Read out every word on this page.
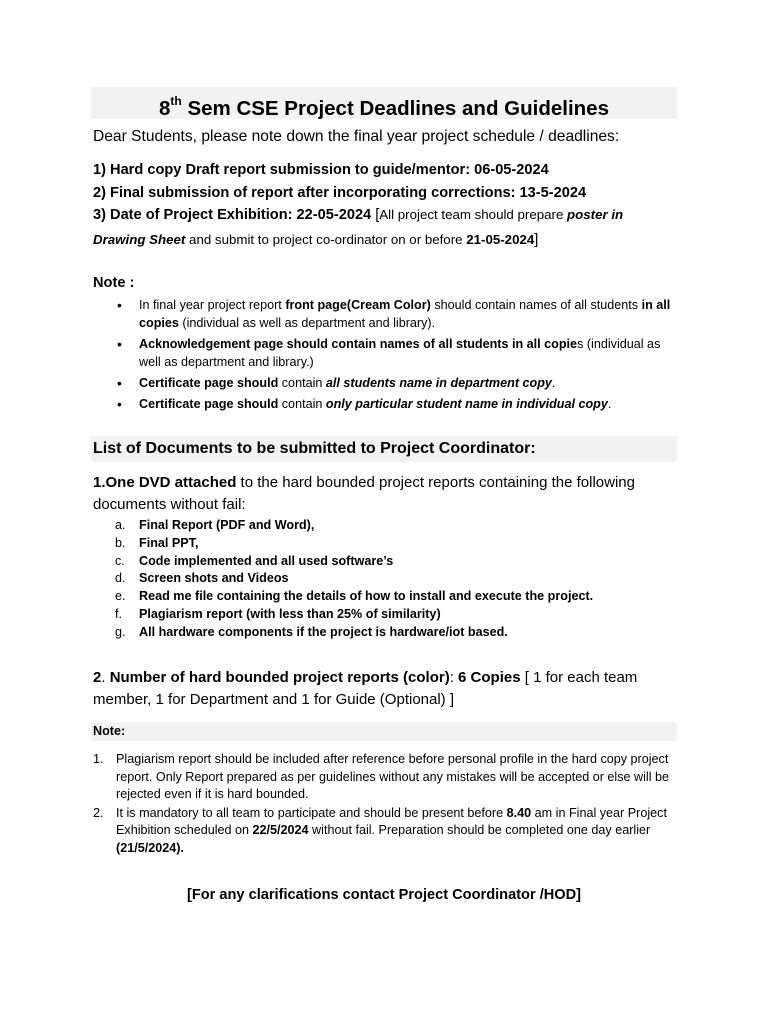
8th Sem CSE Project Deadlines and Guidelines
Dear Students, please note down the final year project schedule / deadlines:
1) Hard copy Draft report submission to guide/mentor: 06-05-2024
2) Final submission of report after incorporating corrections: 13-5-2024
3) Date of Project Exhibition: 22-05-2024 [All project team should prepare poster in
Drawing Sheet and submit to project co-ordinator on or before 21-05-2024]
Note :
• In final year project report front page(Cream Color) should contain names of all students in all copies (individual as well as department and library).
• Acknowledgement page should contain names of all students in all copies (individual as well as department and library.)
• Certificate page should contain all students name in department copy.
• Certificate page should contain only particular student name in individual copy.
List of Documents to be submitted to Project Coordinator:
1.One DVD attached to the hard bounded project reports containing the following documents without fail:
a. Final Report (PDF and Word),
b. Final PPT,
c. Code implemented and all used software’s
d. Screen shots and Videos
e. Read me file containing the details of how to install and execute the project.
f. Plagiarism report (with less than 25% of similarity)
g. All hardware components if the project is hardware/iot based.
2. Number of hard bounded project reports (color): 6 Copies [ 1 for each team member, 1 for Department and 1 for Guide (Optional) ]
Note:
1. Plagiarism report should be included after reference before personal profile in the hard copy project report. Only Report prepared as per guidelines without any mistakes will be accepted or else will be rejected even if it is hard bounded.
2. It is mandatory to all team to participate and should be present before 8.40 am in Final year Project Exhibition scheduled on 22/5/2024 without fail. Preparation should be completed one day earlier (21/5/2024).
[For any clarifications contact Project Coordinator /HOD]
